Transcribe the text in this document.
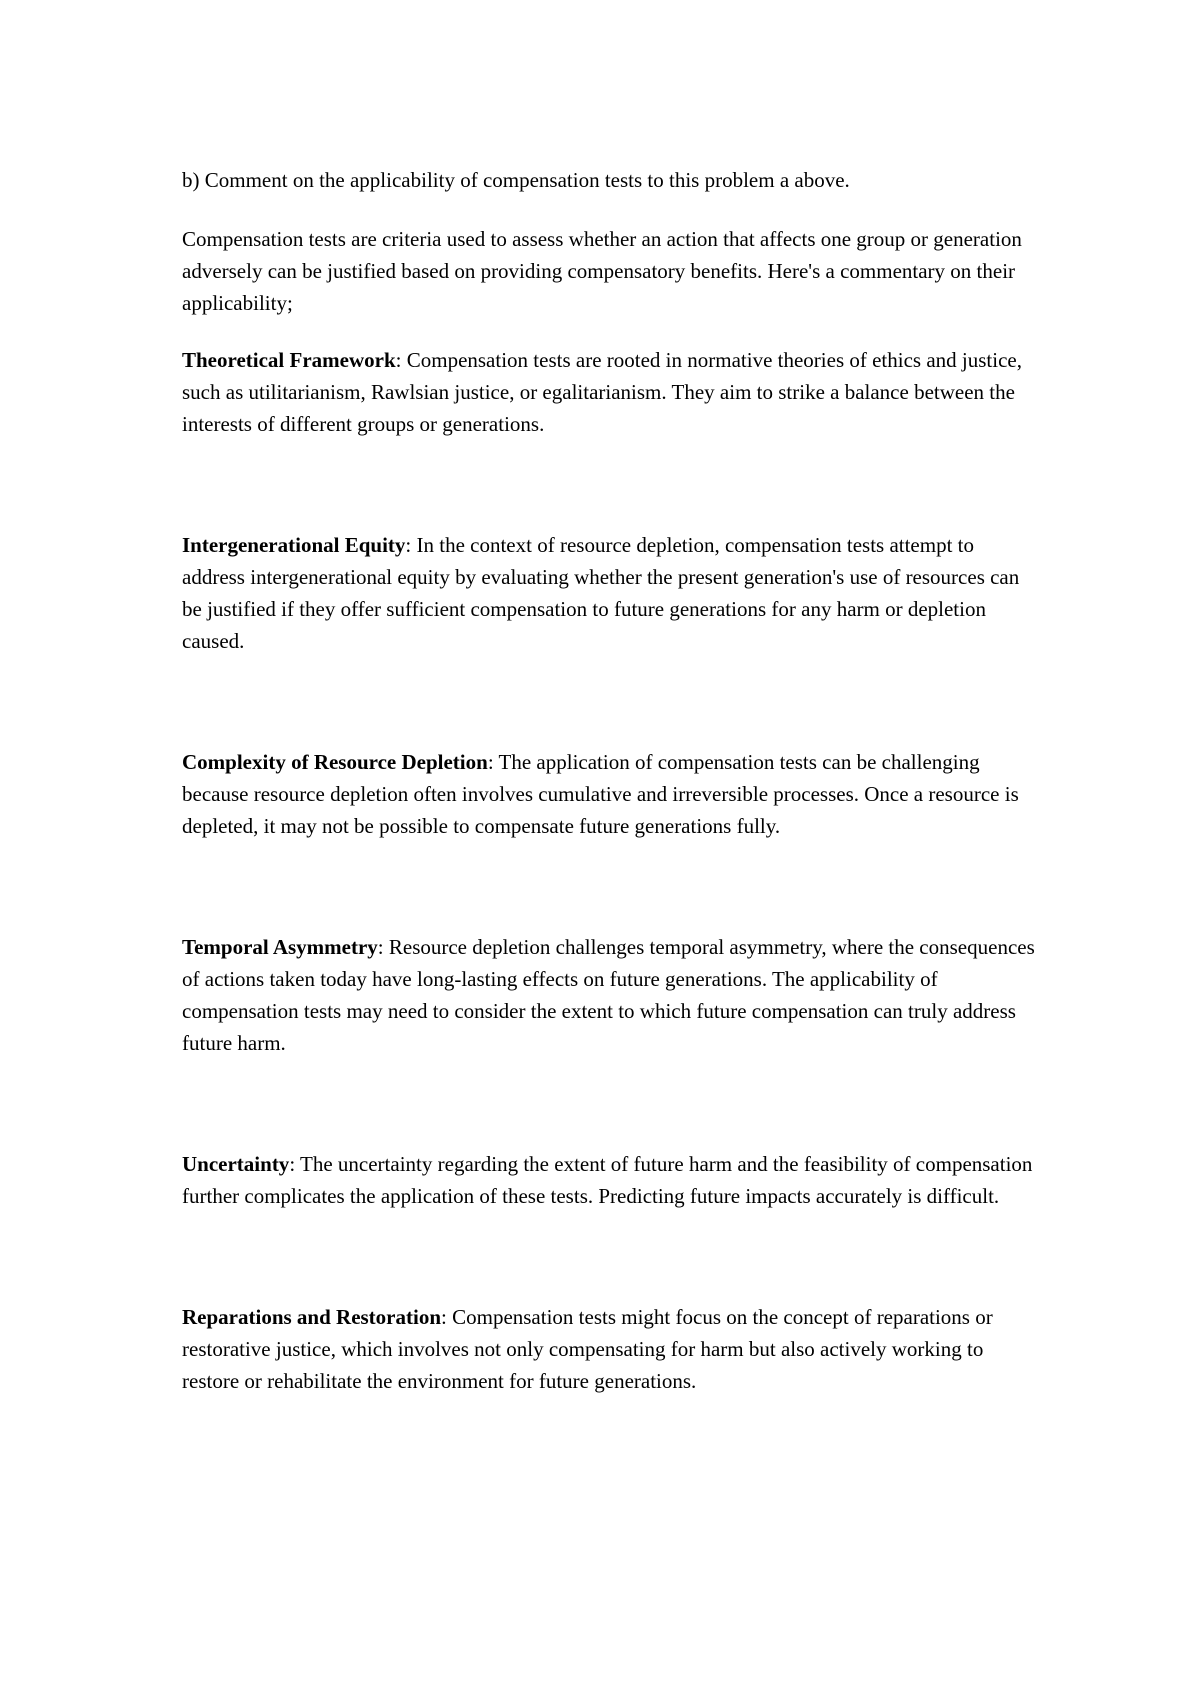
b) Comment on the applicability of compensation tests to this problem a above.

Compensation tests are criteria used to assess whether an action that affects one group or generation adversely can be justified based on providing compensatory benefits. Here's a commentary on their applicability;

Theoretical Framework: Compensation tests are rooted in normative theories of ethics and justice, such as utilitarianism, Rawlsian justice, or egalitarianism. They aim to strike a balance between the interests of different groups or generations.

Intergenerational Equity: In the context of resource depletion, compensation tests attempt to address intergenerational equity by evaluating whether the present generation's use of resources can be justified if they offer sufficient compensation to future generations for any harm or depletion caused.

Complexity of Resource Depletion: The application of compensation tests can be challenging because resource depletion often involves cumulative and irreversible processes. Once a resource is depleted, it may not be possible to compensate future generations fully.

Temporal Asymmetry: Resource depletion challenges temporal asymmetry, where the consequences of actions taken today have long-lasting effects on future generations. The applicability of compensation tests may need to consider the extent to which future compensation can truly address future harm.

Uncertainty: The uncertainty regarding the extent of future harm and the feasibility of compensation further complicates the application of these tests. Predicting future impacts accurately is difficult.

Reparations and Restoration: Compensation tests might focus on the concept of reparations or restorative justice, which involves not only compensating for harm but also actively working to restore or rehabilitate the environment for future generations.
